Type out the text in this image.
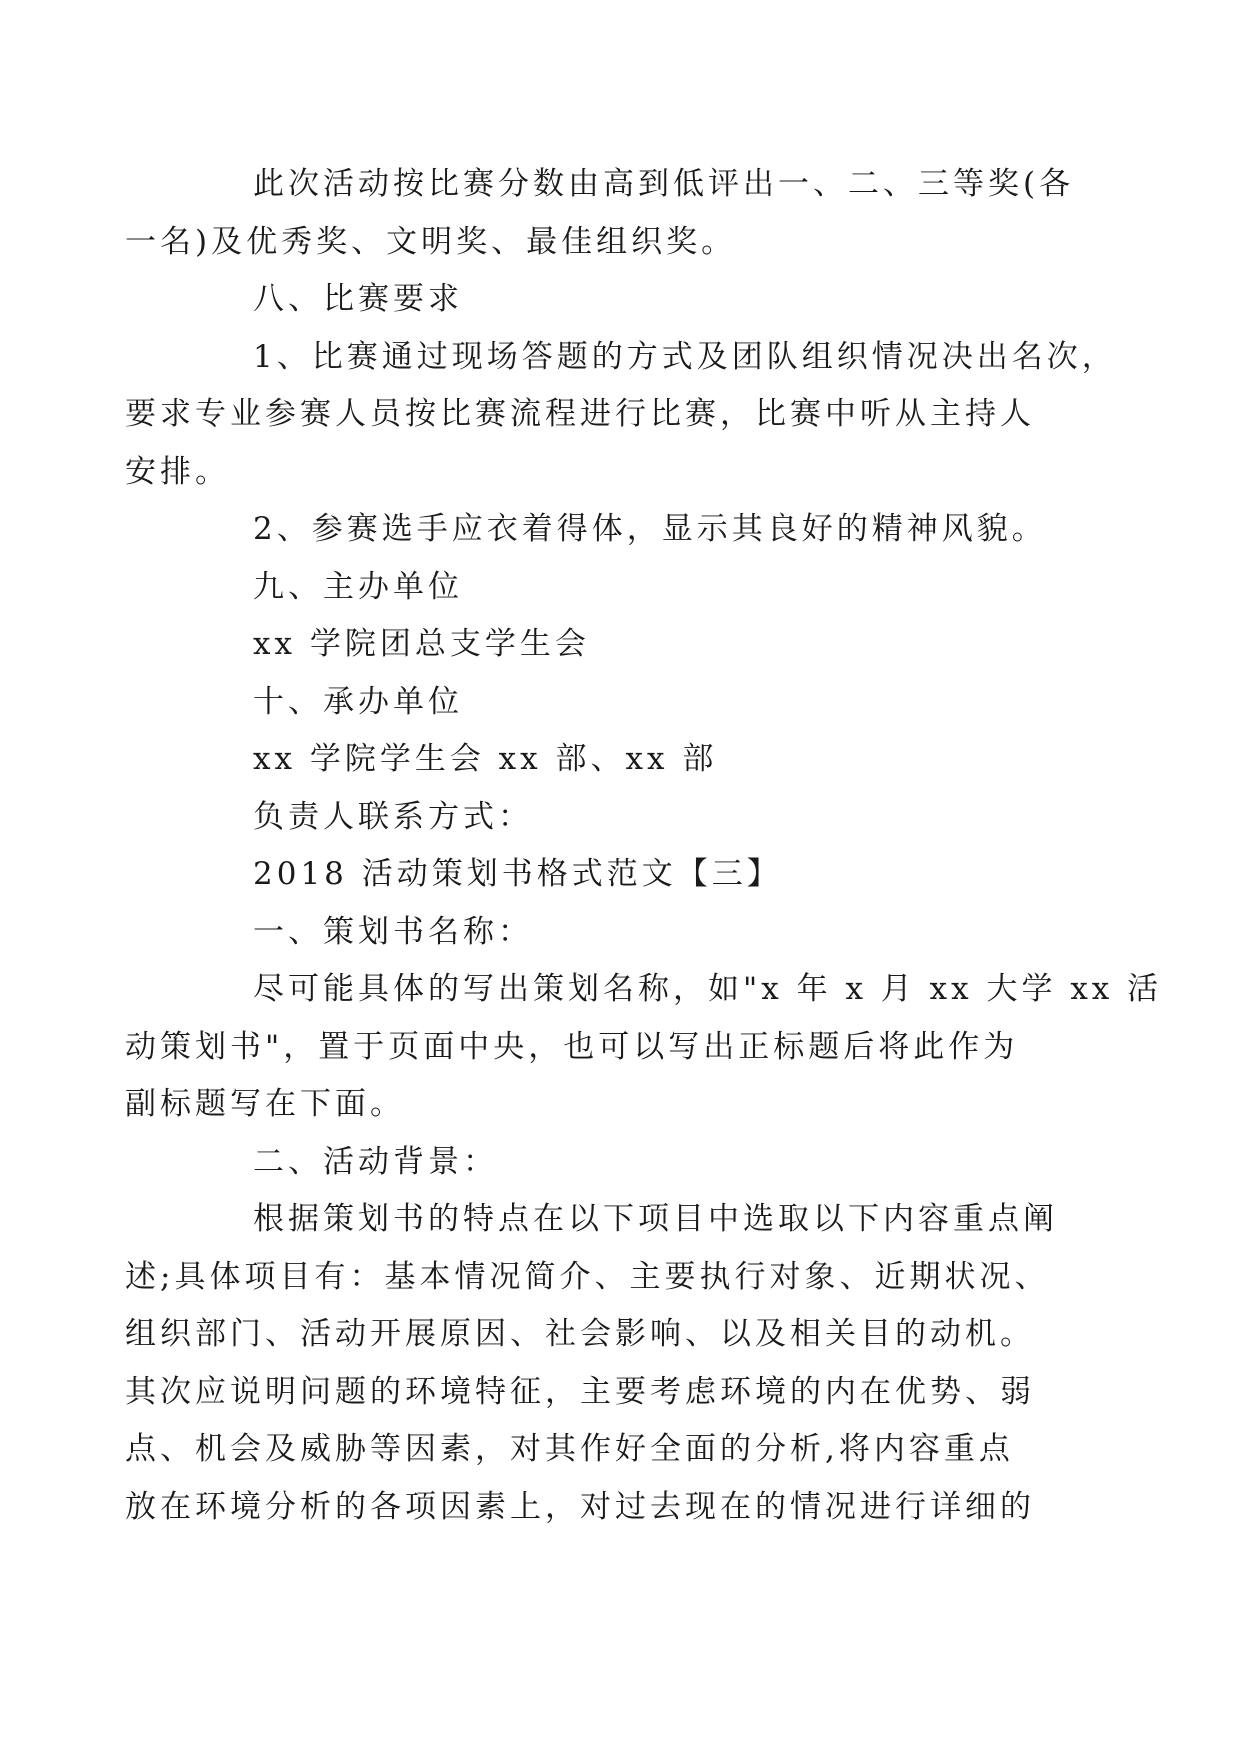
此次活动按比赛分数由高到低评出一、二、三等奖(各
一名)及优秀奖、文明奖、最佳组织奖。

八、比赛要求

1、比赛通过现场答题的方式及团队组织情况决出名次，
要求专业参赛人员按比赛流程进行比赛，比赛中听从主持人
安排。

2、参赛选手应衣着得体，显示其良好的精神风貌。

九、主办单位

xx 学院团总支学生会

十、承办单位

xx 学院学生会 xx 部、xx 部

负责人联系方式：

2018 活动策划书格式范文【三】

一、策划书名称：

尽可能具体的写出策划名称，如"x 年 x 月 xx 大学 xx 活
动策划书"，置于页面中央，也可以写出正标题后将此作为
副标题写在下面。

二、活动背景：

根据策划书的特点在以下项目中选取以下内容重点阐
述;具体项目有：基本情况简介、主要执行对象、近期状况、
组织部门、活动开展原因、社会影响、以及相关目的动机。
其次应说明问题的环境特征，主要考虑环境的内在优势、弱
点、机会及威胁等因素，对其作好全面的分析,将内容重点
放在环境分析的各项因素上，对过去现在的情况进行详细的
